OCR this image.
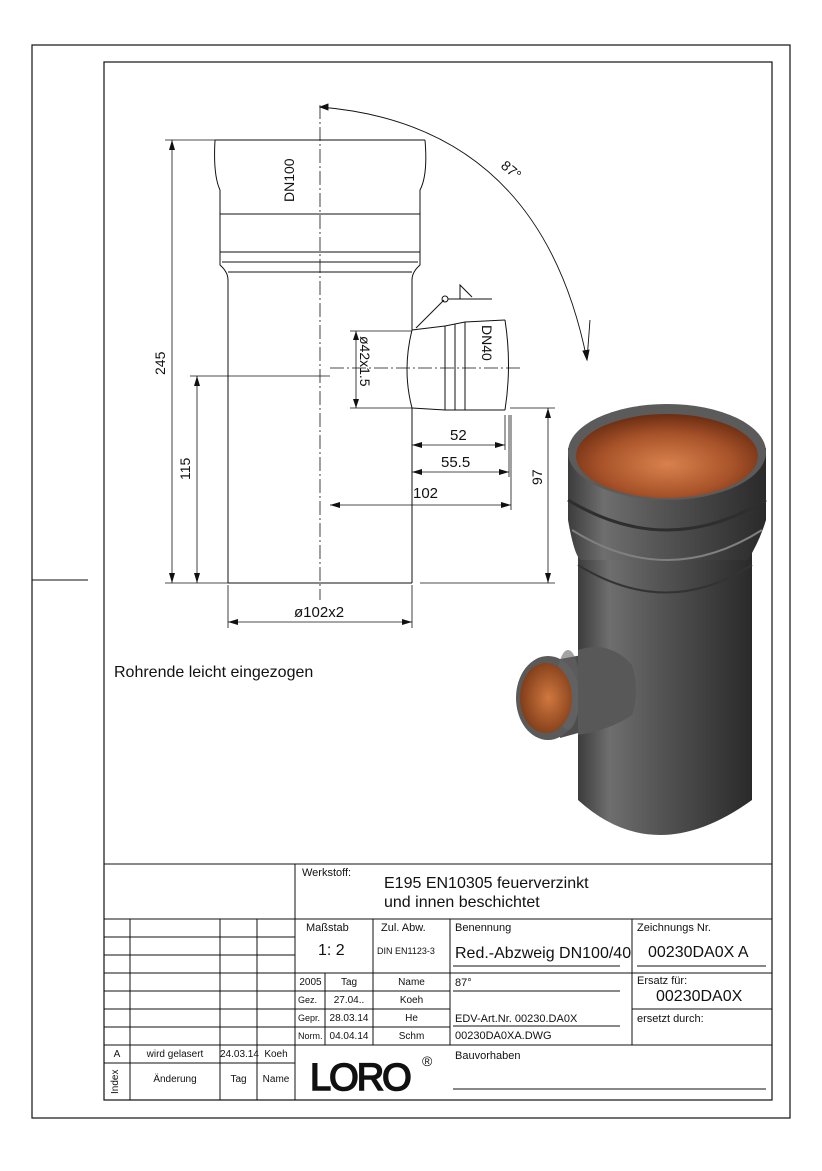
DN100
DN40
87°
ø42x1.5
245
115	97
52
55.5
102
ø102x2
LORO ®
Rohrende leicht eingezogen
Werkstoff:
E195 EN10305 feuerverzinkt
und innen beschichtet
Maßstab
1: 2
Zul. Abw.
DIN EN1123-3
Benennung
Red.-Abzweig DN100/40
Zeichnungs Nr.
00230DA0X A
87°	Ersatz für:
00230DA0X
ersetzt durch:
EDV-Art.Nr. 00230.DA0X
00230DA0XA.DWG
Bauvorhaben
2005	Tag	Name
Gez.	27.04..	Koeh
Gepr. 28.03.14	He
Norm. 04.04.14	Schm
A	wird gelasert	24.03.14 Koeh
Index	Änderung	Tag	Name
